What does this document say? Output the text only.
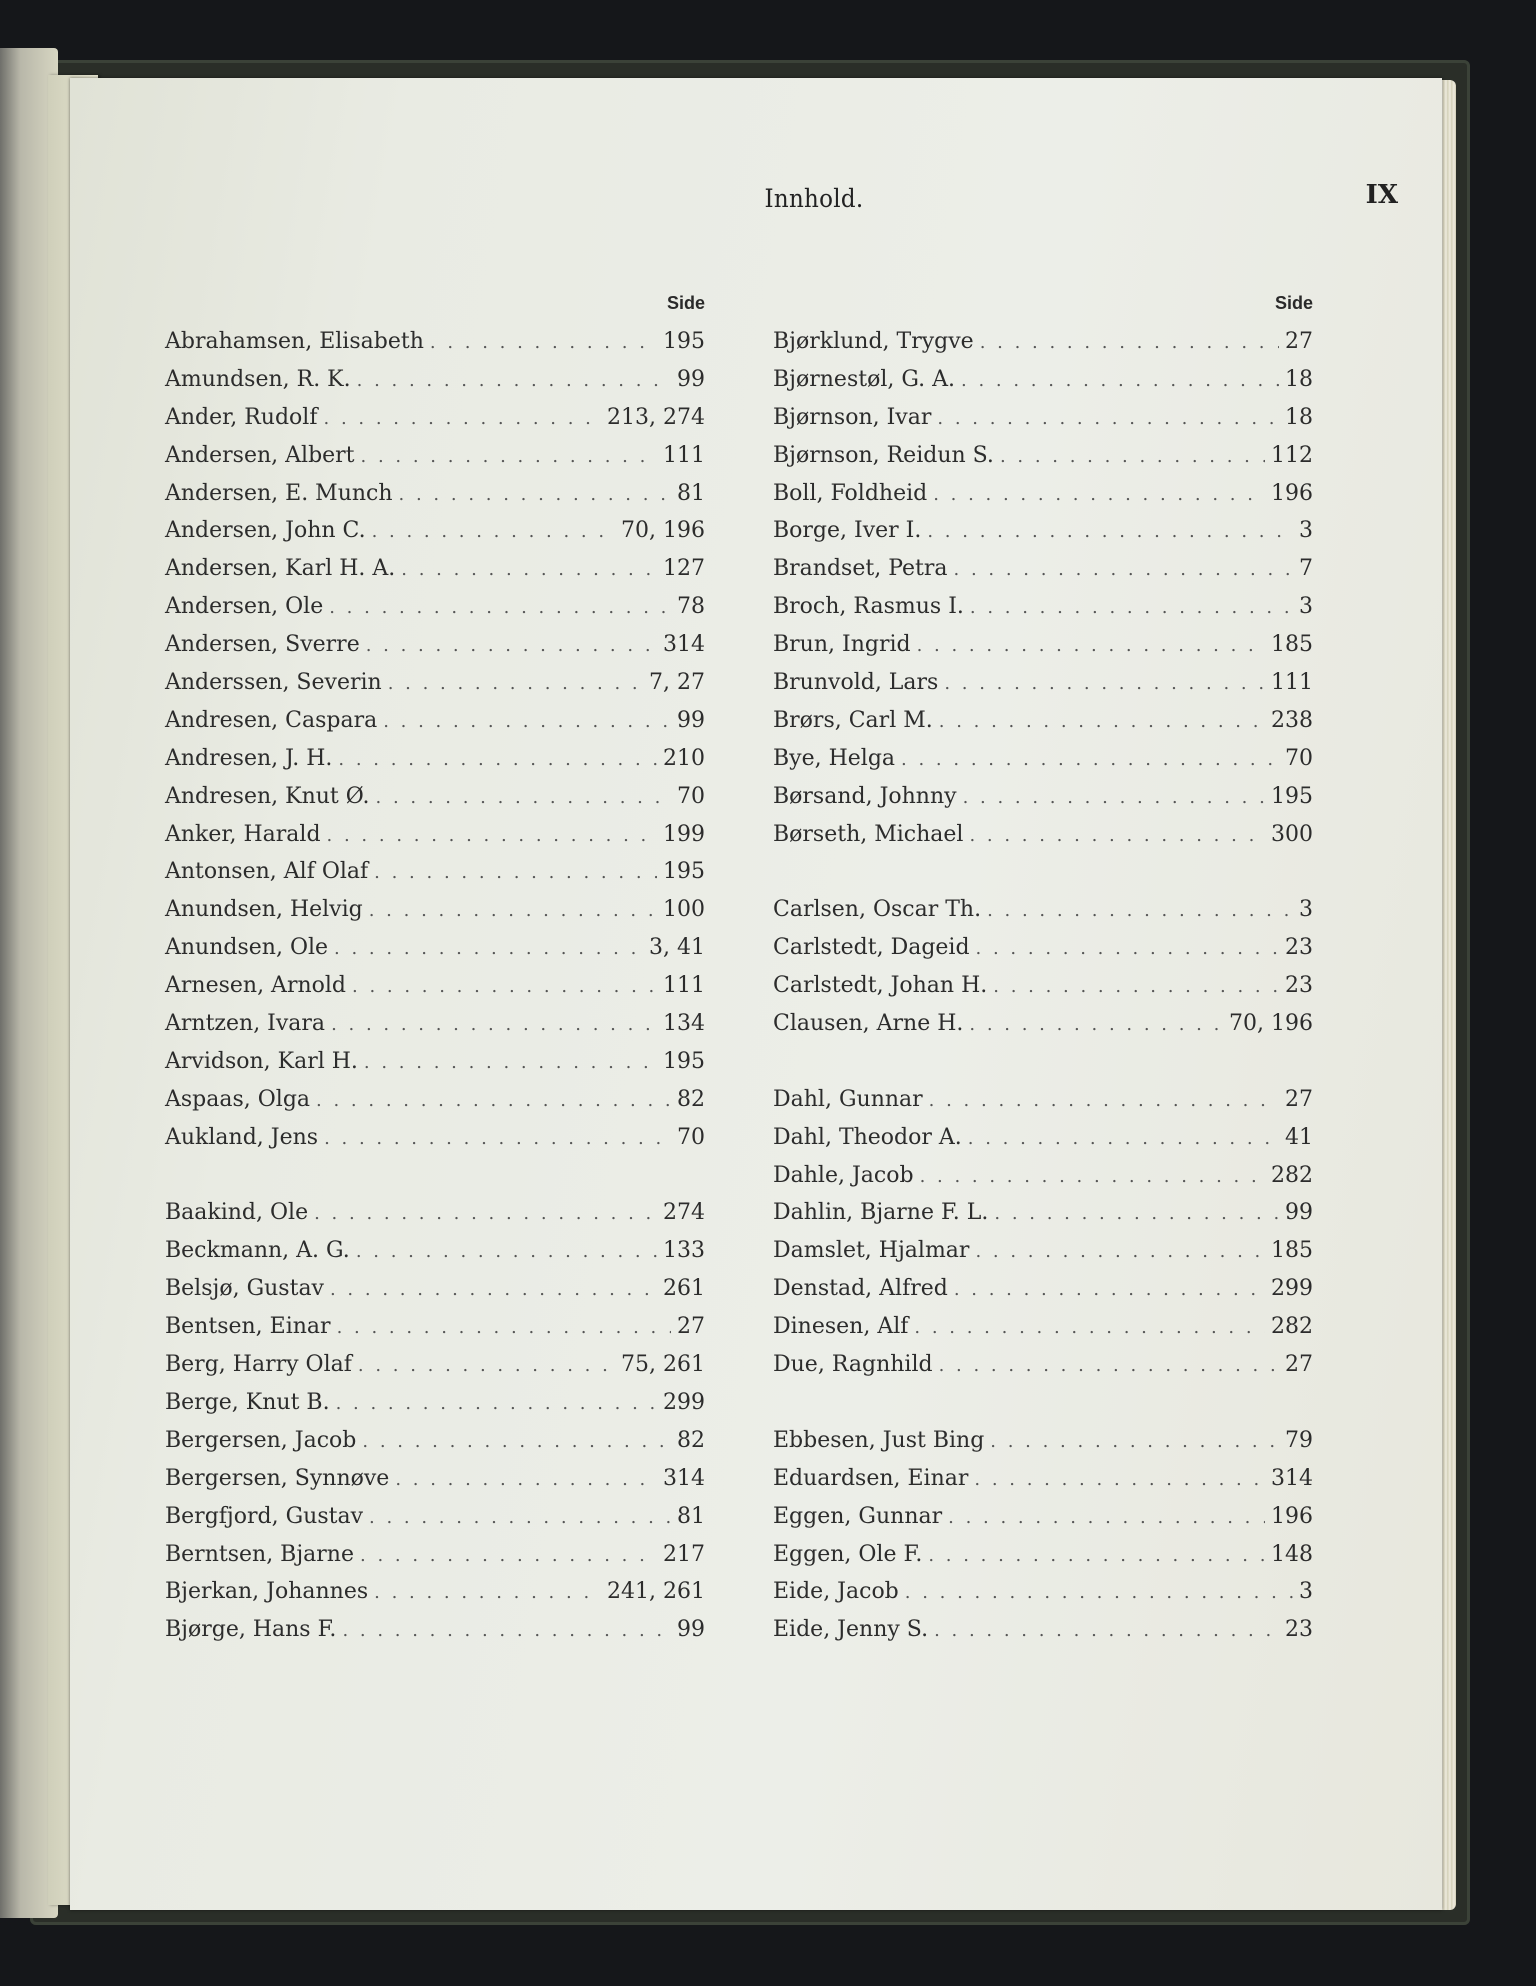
Innhold.	IX
Side
Abrahamsen, Elisabeth . . .	195
Amundsen, R. K. . . .	99
Ander, Rudolf . . .	213, 274
Andersen, Albert . . .	111
Andersen, E. Munch . . .	81
Andersen, John C. . . .	70, 196
Andersen, Karl H. A. . . .	127
Andersen, Ole . . .	78
Andersen, Sverre . . .	314
Anderssen, Severin . . .	7, 27
Andresen, Caspara . . .	99
Andresen, J. H. . . .	210
Andresen, Knut Ø. . . .	70
Anker, Harald . . .	199
Antonsen, Alf Olaf . . .	195
Anundsen, Helvig . . .	100
Anundsen, Ole . . .	3, 41
Arnesen, Arnold . . .	111
Arntzen, Ivara . . .	134
Arvidson, Karl H. . . .	195
Aspaas, Olga . . .	82
Aukland, Jens . . .	70
Baakind, Ole . . .	274
Beckmann, A. G. . . .	133
Belsjø, Gustav . . .	261
Bentsen, Einar . . .	27
Berg, Harry Olaf . . .	75, 261
Berge, Knut B. . . .	299
Bergersen, Jacob . . .	82
Bergersen, Synnøve . . .	314
Bergfjord, Gustav . . .	81
Berntsen, Bjarne . . .	217
Bjerkan, Johannes . . .	241, 261
Bjørge, Hans F. . . .	99
Side
Bjørklund, Trygve . . .	27
Bjørnestøl, G. A. . . .	18
Bjørnson, Ivar . . .	18
Bjørnson, Reidun S. . . .	112
Boll, Foldheid . . .	196
Borge, Iver I. . . .	3
Brandset, Petra . . .	7
Broch, Rasmus I. . . .	3
Brun, Ingrid . . .	185
Brunvold, Lars . . .	111
Brørs, Carl M. . . .	238
Bye, Helga . . .	70
Børsand, Johnny . . .	195
Børseth, Michael . . .	300
Carlsen, Oscar Th. . . .	3
Carlstedt, Dageid . . .	23
Carlstedt, Johan H. . . .	23
Clausen, Arne H. . . .	70, 196
Dahl, Gunnar . . .	27
Dahl, Theodor A. . . .	41
Dahle, Jacob . . .	282
Dahlin, Bjarne F. L. . . .	99
Damslet, Hjalmar . . .	185
Denstad, Alfred . . .	299
Dinesen, Alf . . .	282
Due, Ragnhild . . .	27
Ebbesen, Just Bing . . .	79
Eduardsen, Einar . . .	314
Eggen, Gunnar . . .	196
Eggen, Ole F. . . .	148
Eide, Jacob . . .	3
Eide, Jenny S. . . .	23
